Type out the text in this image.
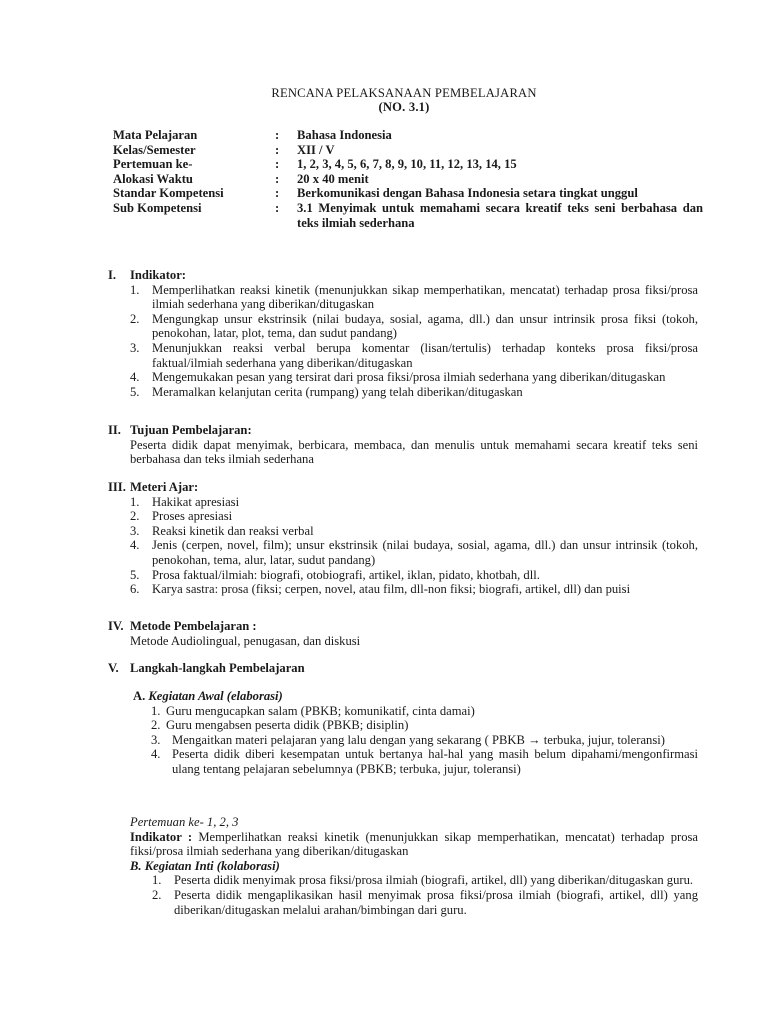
RENCANA PELAKSANAAN PEMBELAJARAN
(NO. 3.1)
Mata Pelajaran	:	Bahasa Indonesia
Kelas/Semester	:	XII / V
Pertemuan ke-	:	1, 2, 3, 4, 5, 6, 7, 8, 9, 10, 11, 12, 13, 14, 15
Alokasi Waktu	:	20 x 40 menit
Standar Kompetensi	:	Berkomunikasi dengan Bahasa Indonesia setara tingkat unggul
Sub Kompetensi	:	3.1 Menyimak untuk memahami secara kreatif teks seni berbahasa dan teks ilmiah sederhana
I. Indikator:
1. Memperlihatkan reaksi kinetik (menunjukkan sikap memperhatikan, mencatat) terhadap prosa fiksi/prosa ilmiah sederhana yang diberikan/ditugaskan
2. Mengungkap unsur ekstrinsik (nilai budaya, sosial, agama, dll.) dan unsur intrinsik prosa fiksi (tokoh, penokohan, latar, plot, tema, dan sudut pandang)
3. Menunjukkan reaksi verbal berupa komentar (lisan/tertulis) terhadap konteks prosa fiksi/prosa faktual/ilmiah sederhana yang diberikan/ditugaskan
4. Mengemukakan pesan yang tersirat dari prosa fiksi/prosa ilmiah sederhana yang diberikan/ditugaskan
5. Meramalkan kelanjutan cerita (rumpang) yang telah diberikan/ditugaskan
II. Tujuan Pembelajaran:
Peserta didik dapat menyimak, berbicara, membaca, dan menulis untuk memahami secara kreatif teks seni berbahasa dan teks ilmiah sederhana
III. Meteri Ajar:
1. Hakikat apresiasi
2. Proses apresiasi
3. Reaksi kinetik dan reaksi verbal
4. Jenis (cerpen, novel, film); unsur ekstrinsik (nilai budaya, sosial, agama, dll.) dan unsur intrinsik (tokoh, penokohan, tema, alur, latar, sudut pandang)
5. Prosa faktual/ilmiah: biografi, otobiografi, artikel, iklan, pidato, khotbah, dll.
6. Karya sastra: prosa (fiksi; cerpen, novel, atau film, dll-non fiksi; biografi, artikel, dll) dan puisi
IV. Metode Pembelajaran :
Metode Audiolingual, penugasan, dan diskusi
V. Langkah-langkah Pembelajaran
A. Kegiatan Awal (elaborasi)
1. Guru mengucapkan salam (PBKB; komunikatif, cinta damai)
2. Guru mengabsen peserta didik (PBKB; disiplin)
3. Mengaitkan materi pelajaran yang lalu dengan yang sekarang ( PBKB → terbuka, jujur, toleransi)
4. Peserta didik diberi kesempatan untuk bertanya hal-hal yang masih belum dipahami/mengonfirmasi ulang tentang pelajaran sebelumnya (PBKB; terbuka, jujur, toleransi)
Pertemuan ke- 1, 2, 3
Indikator : Memperlihatkan reaksi kinetik (menunjukkan sikap memperhatikan, mencatat) terhadap prosa fiksi/prosa ilmiah sederhana yang diberikan/ditugaskan
B. Kegiatan Inti (kolaborasi)
1. Peserta didik menyimak prosa fiksi/prosa ilmiah (biografi, artikel, dll) yang diberikan/ditugaskan guru.
2. Peserta didik mengaplikasikan hasil menyimak prosa fiksi/prosa ilmiah (biografi, artikel, dll) yang diberikan/ditugaskan melalui arahan/bimbingan dari guru.
